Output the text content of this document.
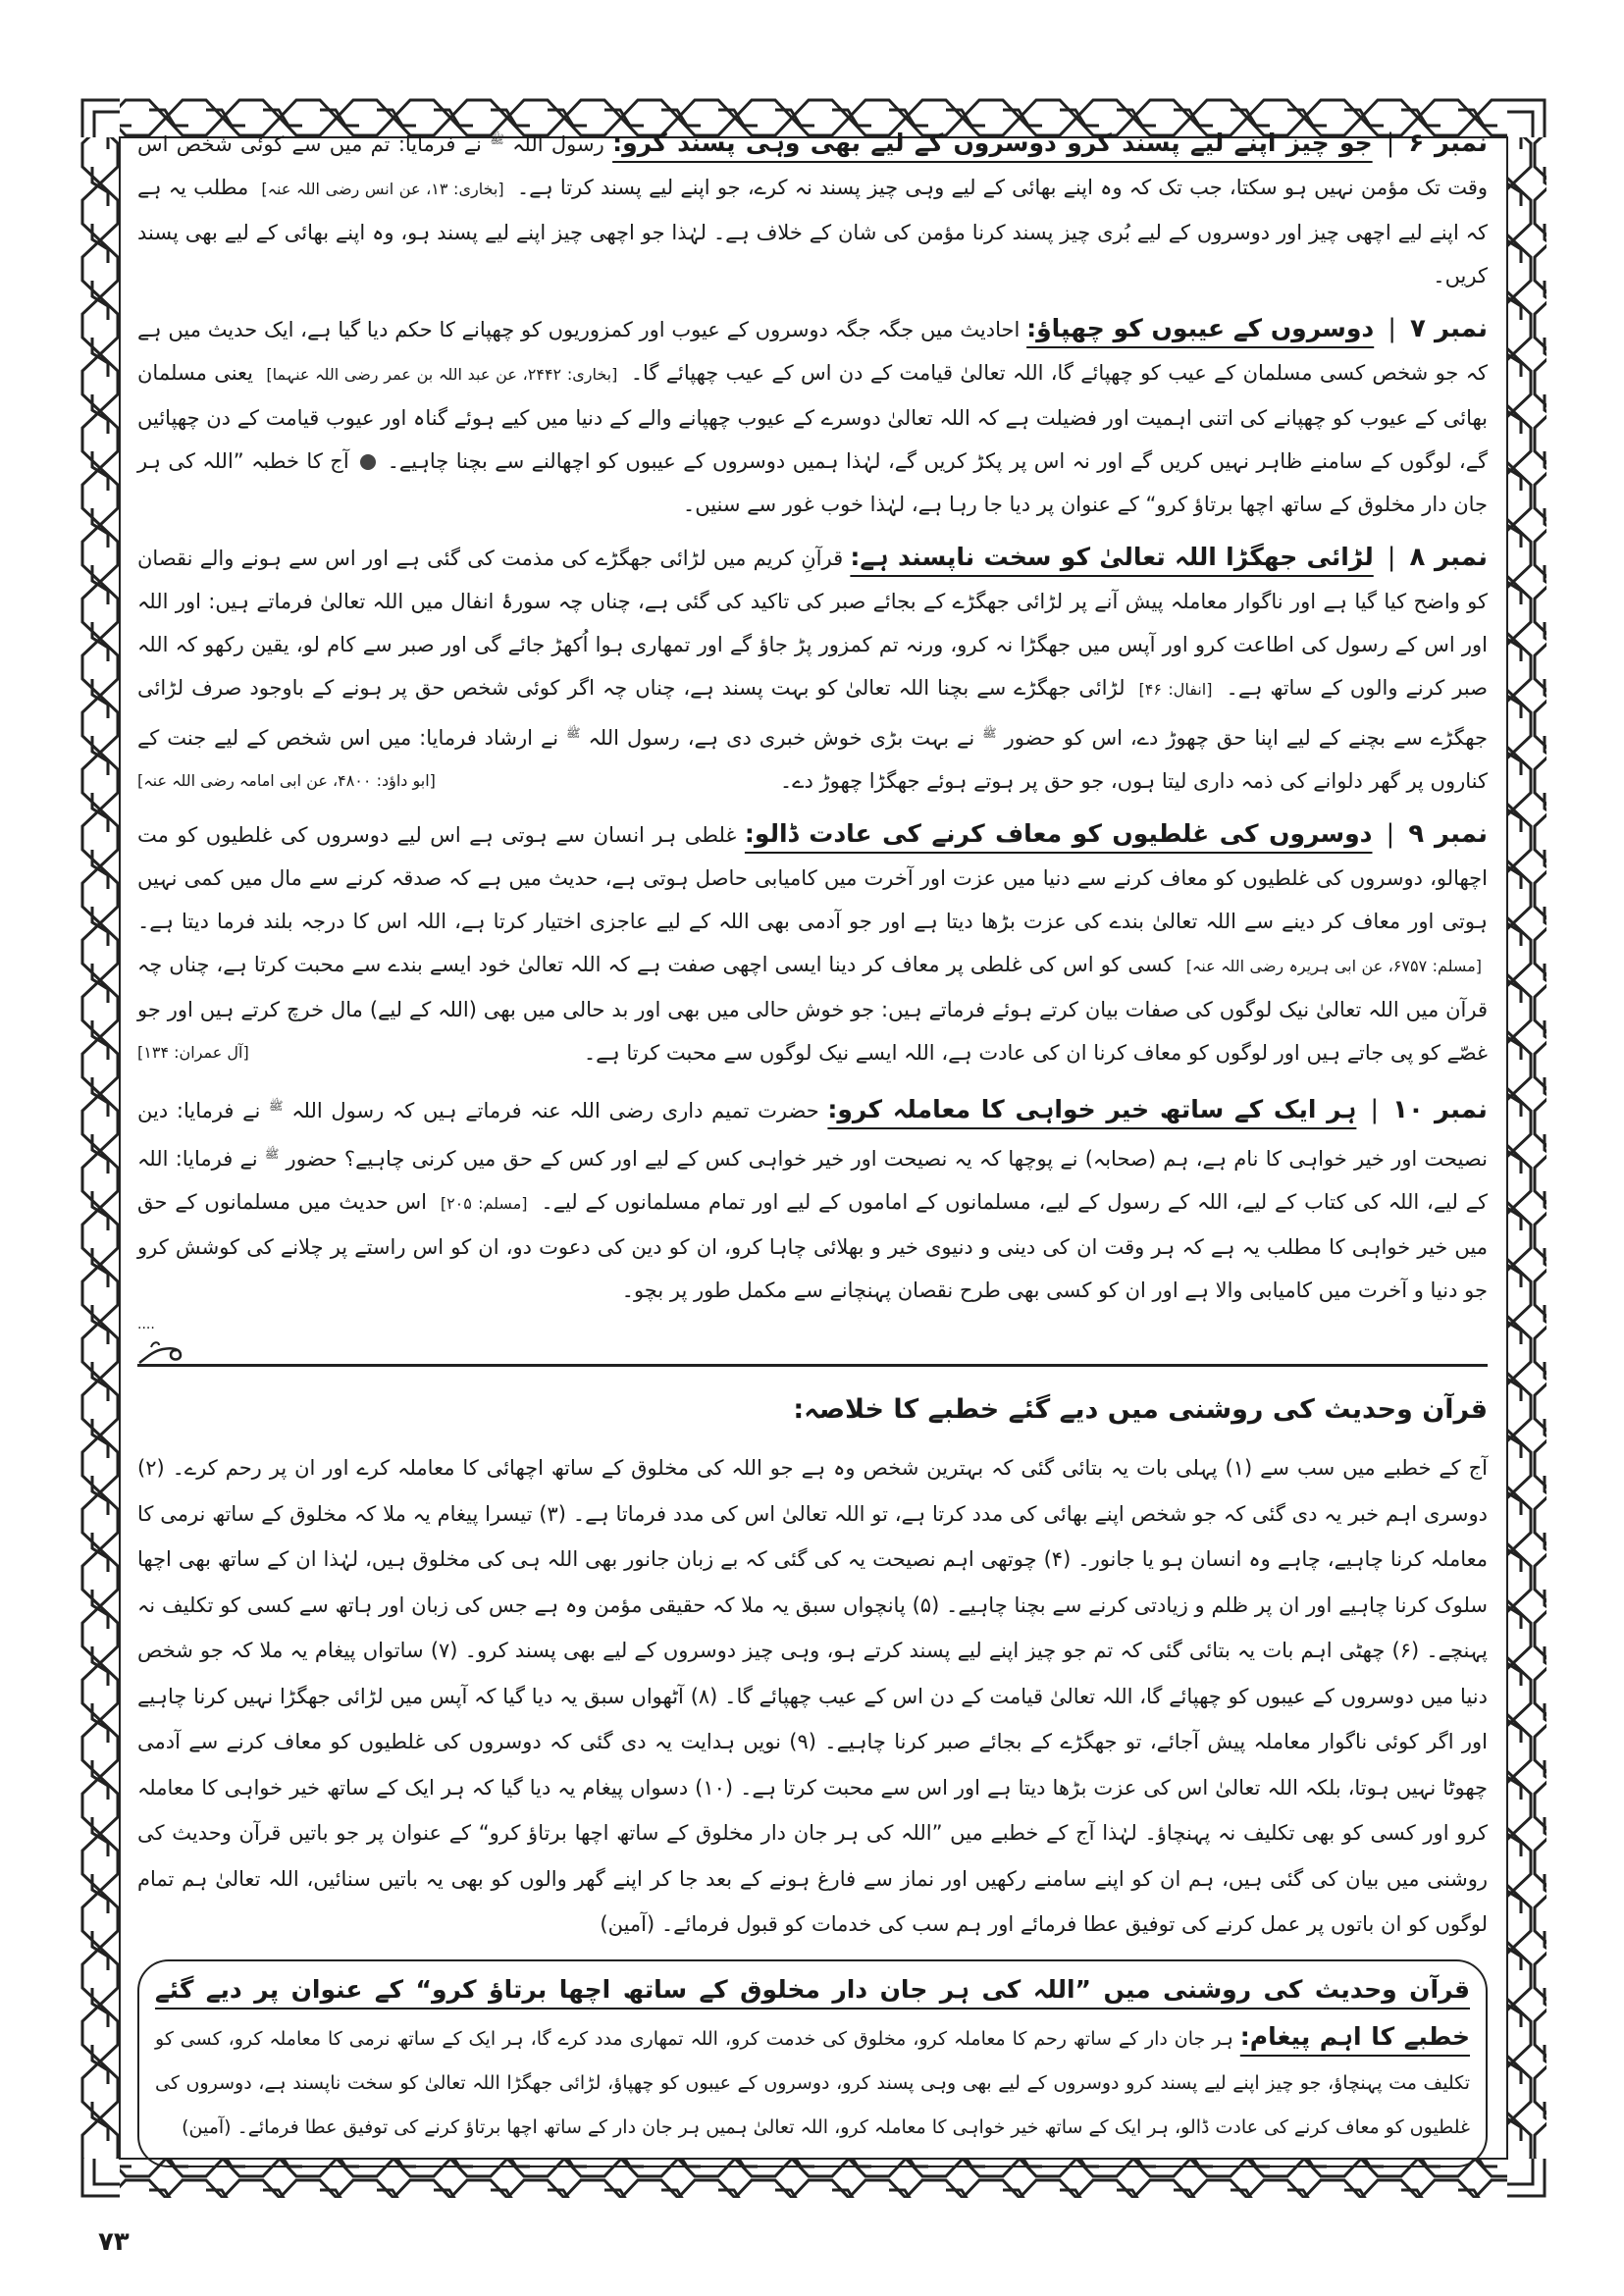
نمبر ۶|جو چیز اپنے لیے پسند کرو دوسروں کے لیے بھی وہی پسند کرو: رسول اللہ $^ﷺ$ نے فرمایا: تم میں سے کوئی شخص اس وقت تک مؤمن نہیں ہو سکتا، جب تک کہ وہ اپنے بھائی کے لیے وہی چیز پسند نہ کرے، جو اپنے لیے پسند کرتا ہے۔ [بخاری: ۱۳، عن انس رضی اللہ عنہ] مطلب یہ ہے کہ اپنے لیے اچھی چیز اور دوسروں کے لیے بُری چیز پسند کرنا مؤمن کی شان کے خلاف ہے۔ لہٰذا جو اچھی چیز اپنے لیے پسند ہو، وہ اپنے بھائی کے لیے بھی پسند کریں۔

نمبر ۷|دوسروں کے عیبوں کو چھپاؤ: احادیث میں جگہ جگہ دوسروں کے عیوب اور کمزوریوں کو چھپانے کا حکم دیا گیا ہے، ایک حدیث میں ہے کہ جو شخص کسی مسلمان کے عیب کو چھپائے گا، اللہ تعالیٰ قیامت کے دن اس کے عیب چھپائے گا۔ [بخاری: ۲۴۴۲، عن عبد اللہ بن عمر رضی اللہ عنہما] یعنی مسلمان بھائی کے عیوب کو چھپانے کی اتنی اہمیت اور فضیلت ہے کہ اللہ تعالیٰ دوسرے کے عیوب چھپانے والے کے دنیا میں کیے ہوئے گناہ اور عیوب قیامت کے دن چھپائیں گے، لوگوں کے سامنے ظاہر نہیں کریں گے اور نہ اس پر پکڑ کریں گے، لہٰذا ہمیں دوسروں کے عیبوں کو اچھالنے سے بچنا چاہیے۔  آج کا خطبہ ”اللہ کی ہر جان دار مخلوق کے ساتھ اچھا برتاؤ کرو“ کے عنوان پر دیا جا رہا ہے، لہٰذا خوب غور سے سنیں۔

نمبر ۸|لڑائی جھگڑا اللہ تعالیٰ کو سخت ناپسند ہے: قرآنِ کریم میں لڑائی جھگڑے کی مذمت کی گئی ہے اور اس سے ہونے والے نقصان کو واضح کیا گیا ہے اور ناگوار معاملہ پیش آنے پر لڑائی جھگڑے کے بجائے صبر کی تاکید کی گئی ہے، چناں چہ سورۂ انفال میں اللہ تعالیٰ فرماتے ہیں: اور اللہ اور اس کے رسول کی اطاعت کرو اور آپس میں جھگڑا نہ کرو، ورنہ تم کمزور پڑ جاؤ گے اور تمھاری ہوا اُکھڑ جائے گی اور صبر سے کام لو، یقین رکھو کہ اللہ صبر کرنے والوں کے ساتھ ہے۔ [انفال: ۴۶] لڑائی جھگڑے سے بچنا اللہ تعالیٰ کو بہت پسند ہے، چناں چہ اگر کوئی شخص حق پر ہونے کے باوجود صرف لڑائی جھگڑے سے بچنے کے لیے اپنا حق چھوڑ دے، اس کو حضور $^ﷺ$ نے بہت بڑی خوش خبری دی ہے، رسول اللہ $^ﷺ$ نے ارشاد فرمایا: میں اس شخص کے لیے جنت کے کناروں پر گھر دلوانے کی ذمہ داری لیتا ہوں، جو حق پر ہوتے ہوئے جھگڑا چھوڑ دے۔
[ابو داؤد: ۴۸۰۰، عن ابی امامہ رضی اللہ عنہ]

نمبر ۹|دوسروں کی غلطیوں کو معاف کرنے کی عادت ڈالو: غلطی ہر انسان سے ہوتی ہے اس لیے دوسروں کی غلطیوں کو مت اچھالو، دوسروں کی غلطیوں کو معاف کرنے سے دنیا میں عزت اور آخرت میں کامیابی حاصل ہوتی ہے، حدیث میں ہے کہ صدقہ کرنے سے مال میں کمی نہیں ہوتی اور معاف کر دینے سے اللہ تعالیٰ بندے کی عزت بڑھا دیتا ہے اور جو آدمی بھی اللہ کے لیے عاجزی اختیار کرتا ہے، اللہ اس کا درجہ بلند فرما دیتا ہے۔ [مسلم: ۶۷۵۷، عن ابی ہریرہ رضی اللہ عنہ] کسی کو اس کی غلطی پر معاف کر دینا ایسی اچھی صفت ہے کہ اللہ تعالیٰ خود ایسے بندے سے محبت کرتا ہے، چناں چہ قرآن میں اللہ تعالیٰ نیک لوگوں کی صفات بیان کرتے ہوئے فرماتے ہیں: جو خوش حالی میں بھی اور بد حالی میں بھی (اللہ کے لیے) مال خرچ کرتے ہیں اور جو غصّے کو پی جاتے ہیں اور لوگوں کو معاف کرنا ان کی عادت ہے، اللہ ایسے نیک لوگوں سے محبت کرتا ہے۔
[آل عمران: ۱۳۴]

نمبر ۱۰|ہر ایک کے ساتھ خیر خواہی کا معاملہ کرو: حضرت تمیم داری رضی اللہ عنہ فرماتے ہیں کہ رسول اللہ $^ﷺ$ نے فرمایا: دین نصیحت اور خیر خواہی کا نام ہے، ہم (صحابہ) نے پوچھا کہ یہ نصیحت اور خیر خواہی کس کے لیے اور کس کے حق میں کرنی چاہیے؟ حضور $^ﷺ$ نے فرمایا: اللہ کے لیے، اللہ کی کتاب کے لیے، اللہ کے رسول کے لیے، مسلمانوں کے اماموں کے لیے اور تمام مسلمانوں کے لیے۔ [مسلم: ۲۰۵] اس حدیث میں مسلمانوں کے حق میں خیر خواہی کا مطلب یہ ہے کہ ہر وقت ان کی دینی و دنیوی خیر و بھلائی چاہا کرو، ان کو دین کی دعوت دو، ان کو اس راستے پر چلانے کی کوشش کرو جو دنیا و آخرت میں کامیابی والا ہے اور ان کو کسی بھی طرح نقصان پہنچانے سے مکمل طور پر بچو۔

....
قرآن وحدیث کی روشنی میں دیے گئے خطبے کا خلاصہ:

آج کے خطبے میں سب سے (۱) پہلی بات یہ بتائی گئی کہ بہترین شخص وہ ہے جو اللہ کی مخلوق کے ساتھ اچھائی کا معاملہ کرے اور ان پر رحم کرے۔ (۲) دوسری اہم خبر یہ دی گئی کہ جو شخص اپنے بھائی کی مدد کرتا ہے، تو اللہ تعالیٰ اس کی مدد فرماتا ہے۔ (۳) تیسرا پیغام یہ ملا کہ مخلوق کے ساتھ نرمی کا معاملہ کرنا چاہیے، چاہے وہ انسان ہو یا جانور۔ (۴) چوتھی اہم نصیحت یہ کی گئی کہ بے زبان جانور بھی اللہ ہی کی مخلوق ہیں، لہٰذا ان کے ساتھ بھی اچھا سلوک کرنا چاہیے اور ان پر ظلم و زیادتی کرنے سے بچنا چاہیے۔ (۵) پانچواں سبق یہ ملا کہ حقیقی مؤمن وہ ہے جس کی زبان اور ہاتھ سے کسی کو تکلیف نہ پہنچے۔ (۶) چھٹی اہم بات یہ بتائی گئی کہ تم جو چیز اپنے لیے پسند کرتے ہو، وہی چیز دوسروں کے لیے بھی پسند کرو۔ (۷) ساتواں پیغام یہ ملا کہ جو شخص دنیا میں دوسروں کے عیبوں کو چھپائے گا، اللہ تعالیٰ قیامت کے دن اس کے عیب چھپائے گا۔ (۸) آٹھواں سبق یہ دیا گیا کہ آپس میں لڑائی جھگڑا نہیں کرنا چاہیے اور اگر کوئی ناگوار معاملہ پیش آجائے، تو جھگڑے کے بجائے صبر کرنا چاہیے۔ (۹) نویں ہدایت یہ دی گئی کہ دوسروں کی غلطیوں کو معاف کرنے سے آدمی چھوٹا نہیں ہوتا، بلکہ اللہ تعالیٰ اس کی عزت بڑھا دیتا ہے اور اس سے محبت کرتا ہے۔ (۱۰) دسواں پیغام یہ دیا گیا کہ ہر ایک کے ساتھ خیر خواہی کا معاملہ کرو اور کسی کو بھی تکلیف نہ پہنچاؤ۔ لہٰذا آج کے خطبے میں ”اللہ کی ہر جان دار مخلوق کے ساتھ اچھا برتاؤ کرو“ کے عنوان پر جو باتیں قرآن وحدیث کی روشنی میں بیان کی گئی ہیں، ہم ان کو اپنے سامنے رکھیں اور نماز سے فارغ ہونے کے بعد جا کر اپنے گھر والوں کو بھی یہ باتیں سنائیں، اللہ تعالیٰ ہم تمام لوگوں کو ان باتوں پر عمل کرنے کی توفیق عطا فرمائے اور ہم سب کی خدمات کو قبول فرمائے۔ (آمین)

قرآن وحدیث کی روشنی میں ”اللہ کی ہر جان دار مخلوق کے ساتھ اچھا برتاؤ کرو“ کے عنوان پر دیے گئے خطبے کا اہم پیغام: ہر جان دار کے ساتھ رحم کا معاملہ کرو، مخلوق کی خدمت کرو، اللہ تمھاری مدد کرے گا، ہر ایک کے ساتھ نرمی کا معاملہ کرو، کسی کو تکلیف مت پہنچاؤ، جو چیز اپنے لیے پسند کرو دوسروں کے لیے بھی وہی پسند کرو، دوسروں کے عیبوں کو چھپاؤ، لڑائی جھگڑا اللہ تعالیٰ کو سخت ناپسند ہے، دوسروں کی غلطیوں کو معاف کرنے کی عادت ڈالو، ہر ایک کے ساتھ خیر خواہی کا معاملہ کرو، اللہ تعالیٰ ہمیں ہر جان دار کے ساتھ اچھا برتاؤ کرنے کی توفیق عطا فرمائے۔ (آمین)

۷۳
